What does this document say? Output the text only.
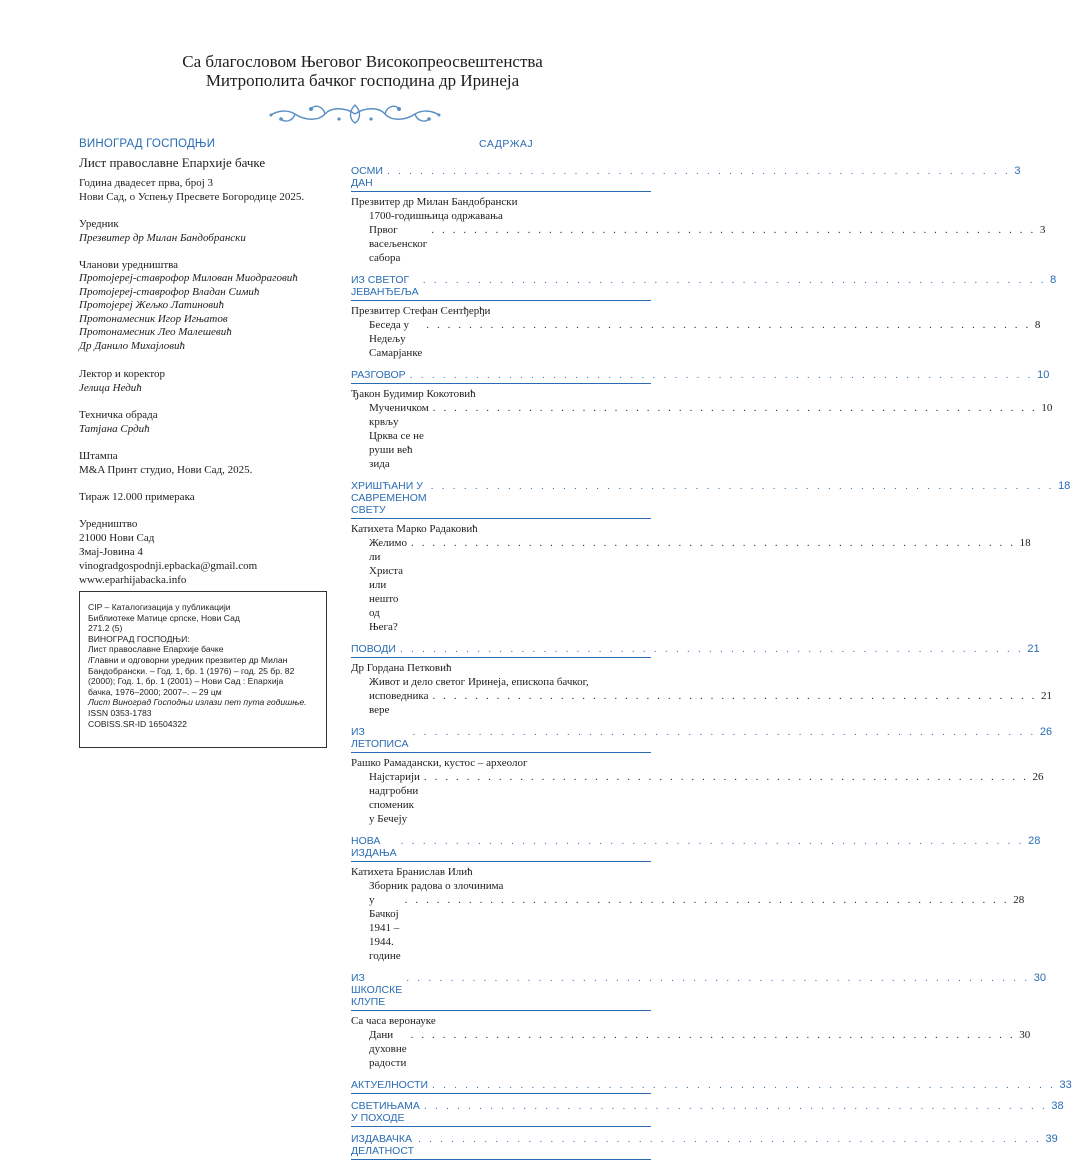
Са благословом Његовог Високопреосвештенства
Митрополита бачког господина др Иринеја
ВИНОГРАД ГОСПОДЊИ
Лист православне Епархије бачке
Година двадесет прва, број 3
Нови Сад, о Успењу Пресвете Богородице 2025.
Уредник
Презвитер др Милан Бандобрански
Чланови уредништва
Протојереј-ставрофор Милован Миодраговић
Протојереј-ставрофор Владан Симић
Протојереј Жељко Латиновић
Протонамесник Игор Игњатов
Протонамесник Лео Малешевић
Др Данило Михајловић
Лектор и коректор
Јелица Недић
Техничка обрада
Татјана Срдић
Штампа
M&A Принт студио, Нови Сад, 2025.
Тираж 12.000 примерака
Уредништво
21000 Нови Сад
Змај-Јовина 4
vinogradgospodnji.epbacka@gmail.com
www.eparhijabacka.info
CIP – Каталогизација у публикацији
Библиотеке Матице српске, Нови Сад
271.2 (5)
ВИНОГРАД ГОСПОДЊИ:
Лист православне Епархије бачке
/Главни и одговорни уредник презвитер др Милан
Бандобрански. – Год. 1, бр. 1 (1976) – год. 25 бр. 82
(2000); Год. 1, бр. 1 (2001) – Нови Сад : Епархија
бачка, 1976–2000; 2007–. – 29 цм
Лист Виноград Господњи излази пет пута годишње.
ISSN 0353-1783
COBISS.SR-ID 16504322
САДРЖАЈ
ОСМИ ДАН
. . . . . . . . . . . . . . . . . . . . . . . . . . . . . . . . . . . . . . . . . . . . . . . . . . . . . . . . . 3
Презвитер др Милан Бандобрански
1700-годишњица одржавања
Првог васељенског сабора
. . . . . . . . . . . . . . . . . . . . . . . . . . . . . . . . . . . . . . . . . . . . . . . . . . . . . . . . . 3
ИЗ СВЕТОГ ЈЕВАНЂЕЉА
. . . . . . . . . . . . . . . . . . . . . . . . . . . . . . . . . . . . . . . . . . . . . . . . . . . . . . . . . 8
Презвитер Стефан Сентђерђи
Беседа у Недељу Самарјанке
. . . . . . . . . . . . . . . . . . . . . . . . . . . . . . . . . . . . . . . . . . . . . . . . . . . . . . . . . 8
РАЗГОВОР . . . . . . . . . . . . . . . . . . . . . . . . . . . . . . . . . . . . . . . . . . . . . . . . . . . . . . . . . 10
Ђакон Будимир Кокотовић
Мученичком крвљу Црква се не руши већ зида
. . . . . . . . . . . . . . . . . . . . . . . . . . . . . . . . . . . . . . . . . . . . . . . . . . . . . . . . . 10
ХРИШЋАНИ У САВРЕМЕНОМ СВЕТУ
. . . . . . . . . . . . . . . . . . . . . . . . . . . . . . . . . . . . . . . . . . . . . . . . . . . . . . . . . 18
Катихета Марко Радаковић
Желимо ли Христа или нешто од Њега?
. . . . . . . . . . . . . . . . . . . . . . . . . . . . . . . . . . . . . . . . . . . . . . . . . . . . . . . . . 18
ПОВОДИ . . . . . . . . . . . . . . . . . . . . . . . . . . . . . . . . . . . . . . . . . . . . . . . . . . . . . . . . . 21
Др Гордана Петковић
Живот и дело светог Иринеја, епископа бачког,
исповедника вере
. . . . . . . . . . . . . . . . . . . . . . . . . . . . . . . . . . . . . . . . . . . . . . . . . . . . . . . . . 21
ИЗ ЛЕТОПИСА
. . . . . . . . . . . . . . . . . . . . . . . . . . . . . . . . . . . . . . . . . . . . . . . . . . . . . . . . . 26
Рашко Рамадански, кустос – археолог
Најстарији надгробни споменик у Бечеју
. . . . . . . . . . . . . . . . . . . . . . . . . . . . . . . . . . . . . . . . . . . . . . . . . . . . . . . . . 26
НОВА ИЗДАЊА
. . . . . . . . . . . . . . . . . . . . . . . . . . . . . . . . . . . . . . . . . . . . . . . . . . . . . . . . . 28
Катихета Бранислав Илић
Зборник радова о злочинима
у Бачкој 1941 – 1944. године
. . . . . . . . . . . . . . . . . . . . . . . . . . . . . . . . . . . . . . . . . . . . . . . . . . . . . . . . . 28
ИЗ ШКОЛСКЕ КЛУПЕ
. . . . . . . . . . . . . . . . . . . . . . . . . . . . . . . . . . . . . . . . . . . . . . . . . . . . . . . . . 30
Са часа веронауке
Дани духовне радости
. . . . . . . . . . . . . . . . . . . . . . . . . . . . . . . . . . . . . . . . . . . . . . . . . . . . . . . . . 30
АКТУЕЛНОСТИ . . . . . . . . . . . . . . . . . . . . . . . . . . . . . . . . . . . . . . . . . . . . . . . . . . . . . . . . . 33
СВЕТИЊАМА У ПОХОДЕ
. . . . . . . . . . . . . . . . . . . . . . . . . . . . . . . . . . . . . . . . . . . . . . . . . . . . . . . . . 38
ИЗДАВАЧКА ДЕЛАТНОСТ
. . . . . . . . . . . . . . . . . . . . . . . . . . . . . . . . . . . . . . . . . . . . . . . . . . . . . . . . . 39
